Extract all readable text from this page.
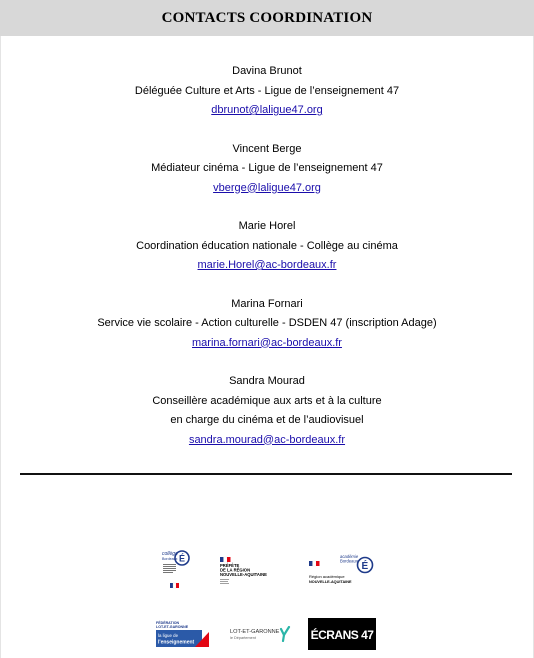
CONTACTS COORDINATION
Davina Brunot
Déléguée Culture et Arts - Ligue de l’enseignement 47
dbrunot@laligue47.org
Vincent Berge
Médiateur cinéma - Ligue de l’enseignement 47
vberge@laligue47.org
Marie Horel
Coordination éducation nationale - Collège au cinéma
marie.Horel@ac-bordeaux.fr
Marina Fornari
Service vie scolaire - Action culturelle - DSDEN 47 (inscription Adage)
marina.fornari@ac-bordeaux.fr
Sandra Mourad
Conseillère académique aux arts et à la culture
en charge du cinéma et de l’audiovisuel
sandra.mourad@ac-bordeaux.fr
collège
Bordeaux É
PRÉFÈTE
DE LA RÉGION
NOUVELLE-AQUITAINE
académie
Bordeaux É
Région académique
NOUVELLE-AQUITAINE
FÉDÉRATION
LOT-ET-GARONNE
la ligue de
l'enseignement
LOT-ET-GARONNE
le Département	ÉCRANS 47
